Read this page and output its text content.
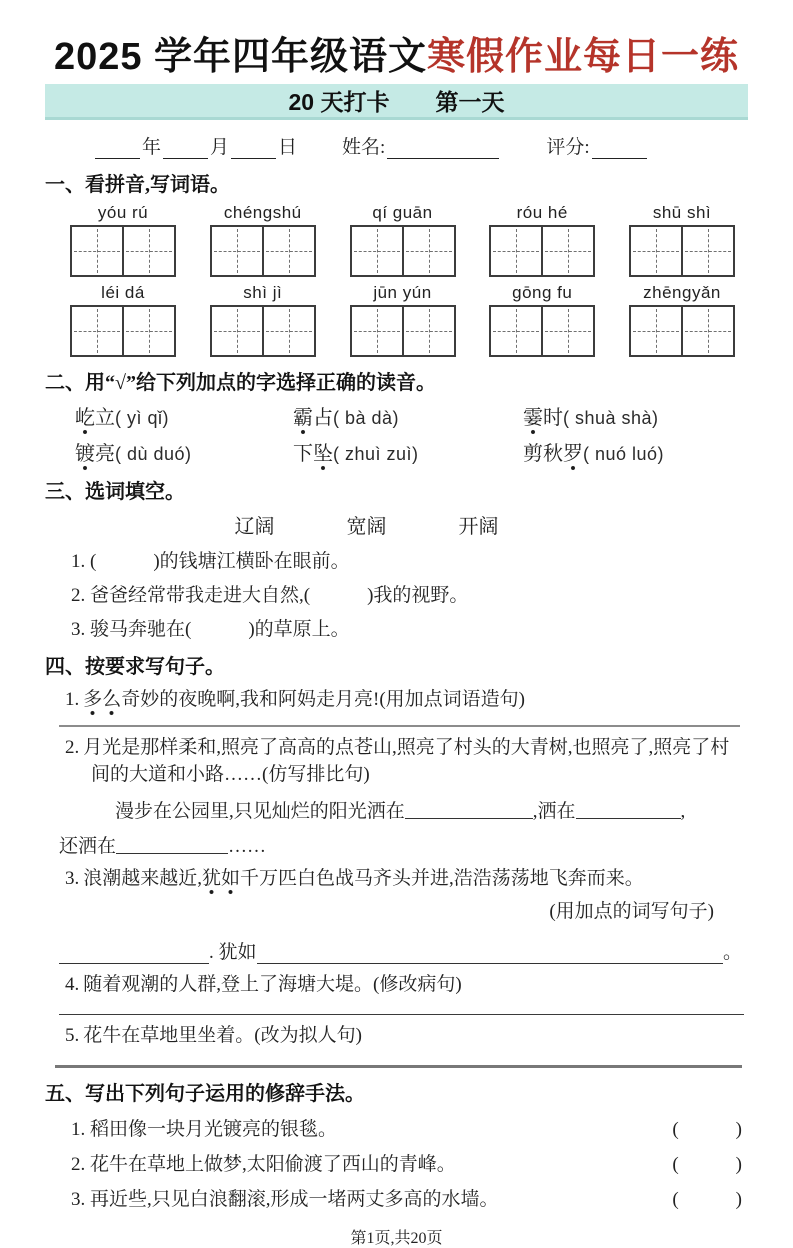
2025 学年四年级语文寒假作业每日一练
20 天打卡　　第一天
年	月	日 姓名:	评分:
一、看拼音,写词语。
yóu rú	chéngshú	qí guān	róu hé	shū shì
léi dá	shì jì	jūn yún	gōng fu	zhēngyǎn
二、用“√”给下列加点的字选择正确的读音。
屹立( yì qǐ)	霸占( bà dà)	霎时( shuà shà)
镀亮( dù duó)	下坠( zhuì zuì)	剪秋罗( nuó luó)
三、选词填空。
辽阔	宽阔	开阔
1. (　　　)的钱塘江横卧在眼前。
2. 爸爸经常带我走进大自然,(　　　)我的视野。
3. 骏马奔驰在(　　　)的草原上。
四、按要求写句子。
1. 多么奇妙的夜晚啊,我和阿妈走月亮!(用加点词语造句)
2. 月光是那样柔和,照亮了高高的点苍山,照亮了村头的大青树,也照亮了,照亮了村间的大道和小路……(仿写排比句)
漫步在公园里,只见灿烂的阳光洒在	,洒在	,
还洒在	……
3. 浪潮越来越近,犹如千万匹白色战马齐头并进,浩浩荡荡地飞奔而来。
(用加点的词写句子)
. 犹如	。
4. 随着观潮的人群,登上了海塘大堤。(修改病句)
5. 花牛在草地里坐着。(改为拟人句)
五、写出下列句子运用的修辞手法。
1. 稻田像一块月光镀亮的银毯。	(　　　)
2. 花牛在草地上做梦,太阳偷渡了西山的青峰。	(　　　)
3. 再近些,只见白浪翻滚,形成一堵两丈多高的水墙。	(　　　)
第1页,共20页
